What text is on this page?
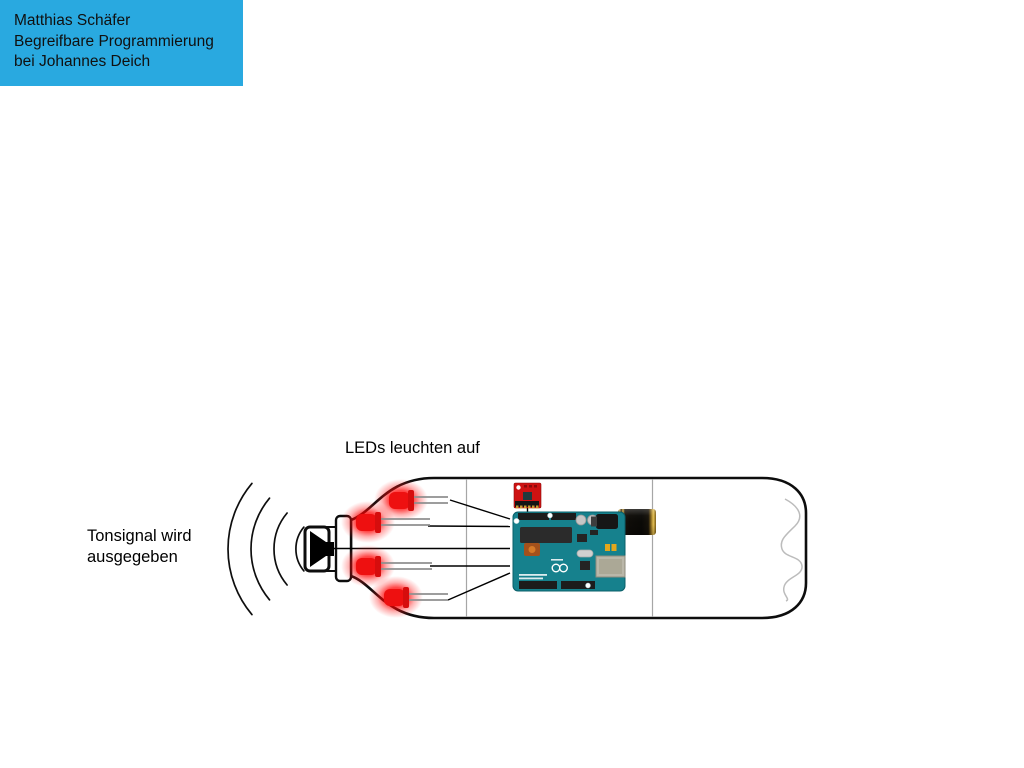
Matthias Schäfer
Begreifbare Programmierung
bei Johannes Deich
LEDs leuchten auf
Tonsignal wird
ausgegeben
